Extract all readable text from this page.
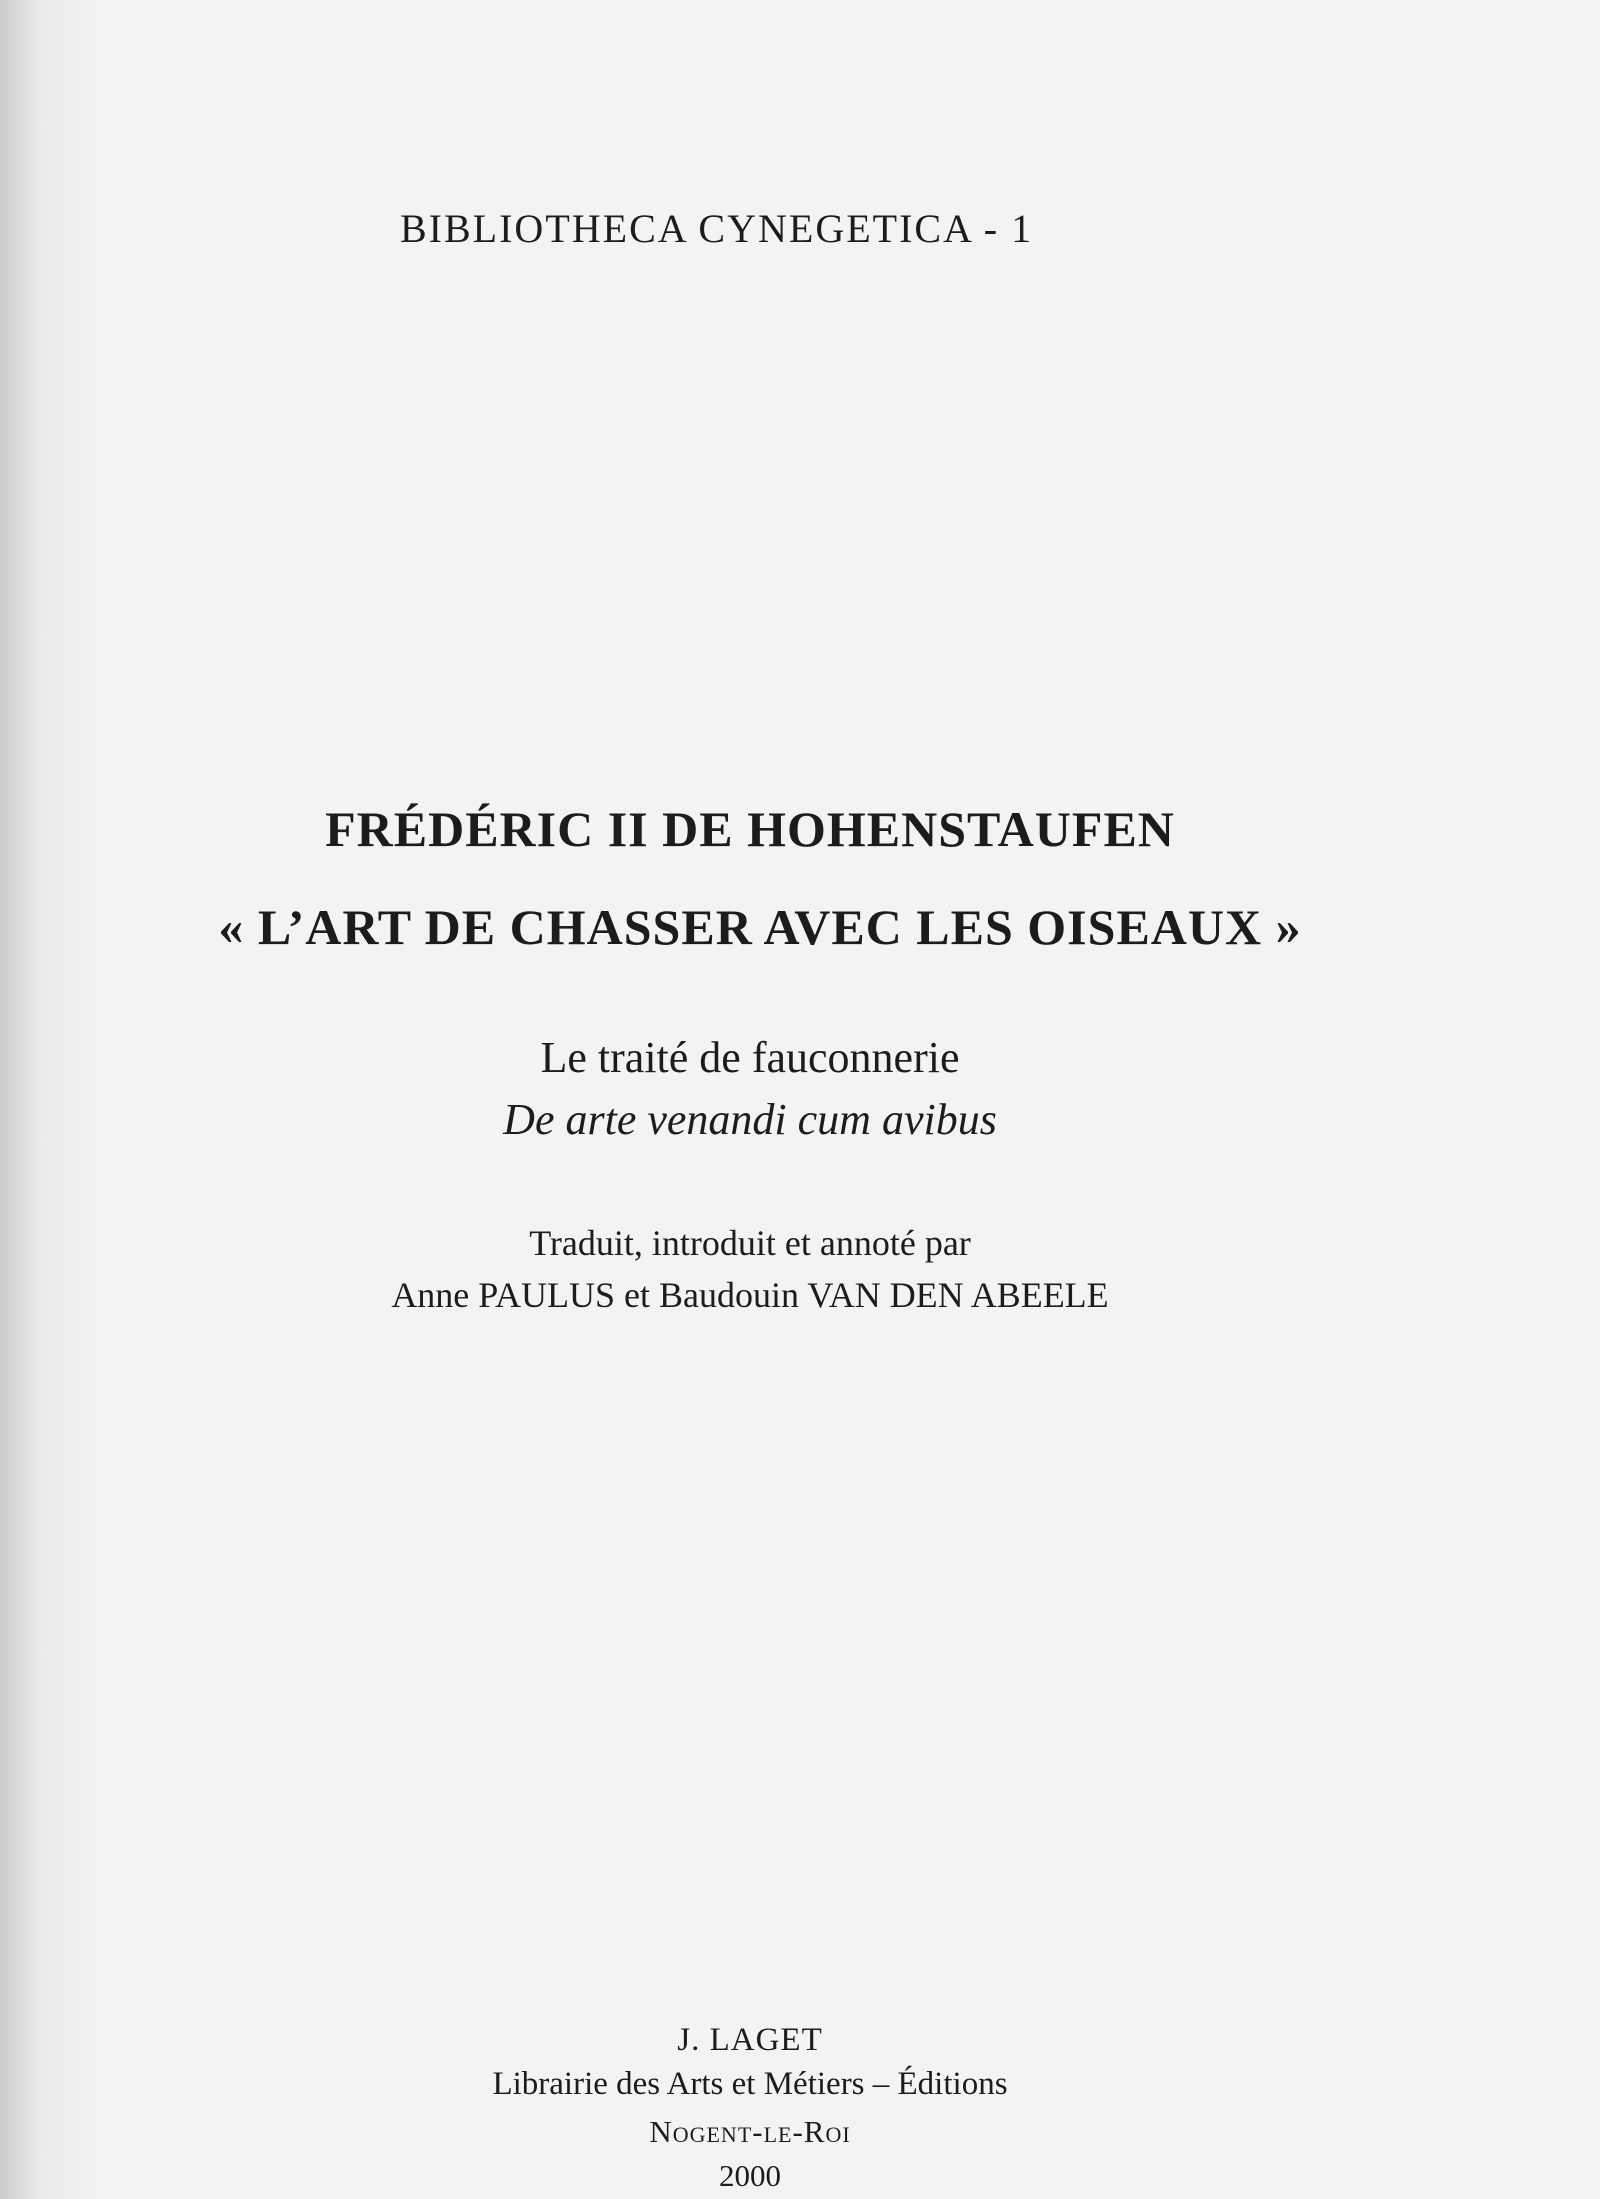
BIBLIOTHECA CYNEGETICA - 1
FRÉDÉRIC II DE HOHENSTAUFEN
« L’ART DE CHASSER AVEC LES OISEAUX »
Le traité de fauconnerie
De arte venandi cum avibus
Traduit, introduit et annoté par
Anne PAULUS et Baudouin VAN DEN ABEELE
J. LAGET
Librairie des Arts et Métiers – Éditions
Nogent-le-Roi
2000
